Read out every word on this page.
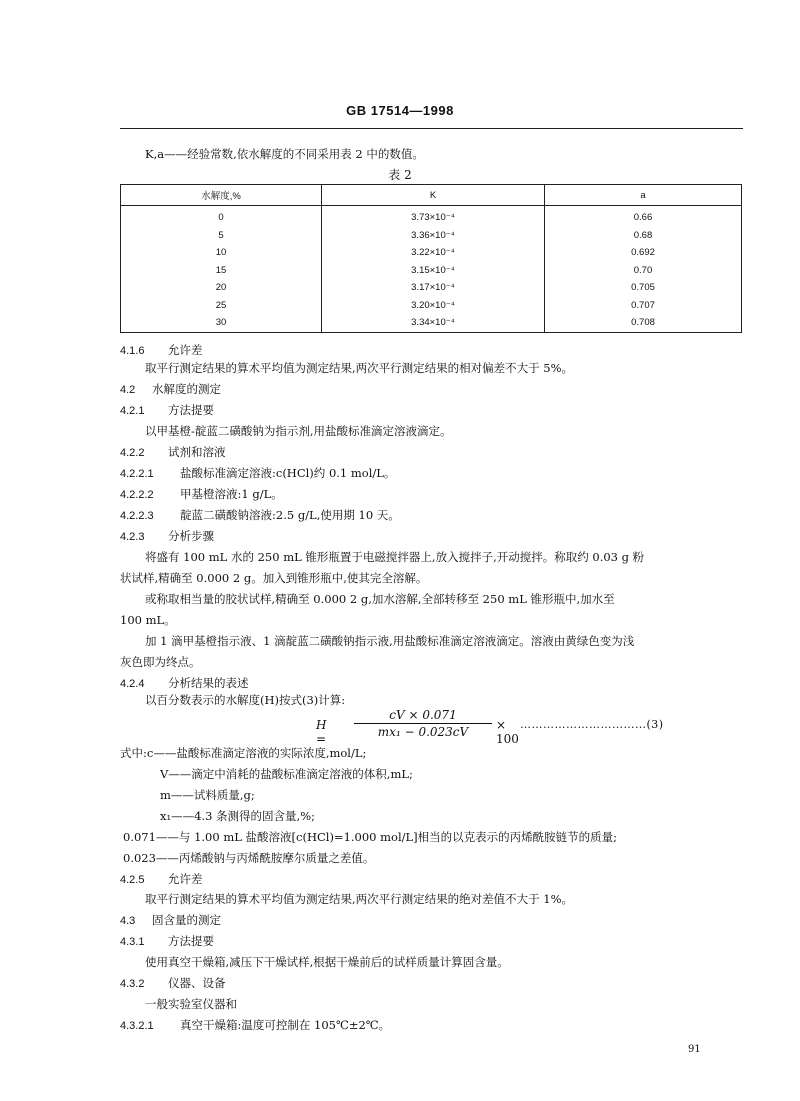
GB 17514—1998
K,a——经验常数,依水解度的不同采用表 2 中的数值。
表 2
水解度,%	K	a
0	3.73×10⁻⁴	0.66
5	3.36×10⁻⁴	0.68
10	3.22×10⁻⁴	0.692
15	3.15×10⁻⁴	0.70
20	3.17×10⁻⁴	0.705
25	3.20×10⁻⁴	0.707
30	3.34×10⁻⁴	0.708
4.1.6 允许差
取平行测定结果的算术平均值为测定结果,两次平行测定结果的相对偏差不大于 5%。
4.2 水解度的测定
4.2.1 方法提要
以甲基橙-靛蓝二磺酸钠为指示剂,用盐酸标准滴定溶液滴定。
4.2.2 试剂和溶液
4.2.2.1 盐酸标准滴定溶液:c(HCl)约 0.1 mol/L。
4.2.2.2 甲基橙溶液:1 g/L。
4.2.2.3 靛蓝二磺酸钠溶液:2.5 g/L,使用期 10 天。
4.2.3 分析步骤
将盛有 100 mL 水的 250 mL 锥形瓶置于电磁搅拌器上,放入搅拌子,开动搅拌。称取约 0.03 g 粉
状试样,精确至 0.000 2 g。加入到锥形瓶中,使其完全溶解。
或称取相当量的胶状试样,精确至 0.000 2 g,加水溶解,全部转移至 250 mL 锥形瓶中,加水至
100 mL。
加 1 滴甲基橙指示液、1 滴靛蓝二磺酸钠指示液,用盐酸标准滴定溶液滴定。溶液由黄绿色变为浅
灰色即为终点。
4.2.4 分析结果的表述
以百分数表示的水解度(H)按式(3)计算:
$H = \frac{cV \times 0.071}{\text{mx₁ − 0.023cV}} \times 100$
……………………………(3)
式中:c——盐酸标准滴定溶液的实际浓度,mol/L;
V——滴定中消耗的盐酸标准滴定溶液的体积,mL;
m——试料质量,g;
x₁——4.3 条测得的固含量,%;
0.071——与 1.00 mL 盐酸溶液[c(HCl)=1.000 mol/L]相当的以克表示的丙烯酰胺链节的质量;
0.023——丙烯酸钠与丙烯酰胺摩尔质量之差值。
4.2.5 允许差
取平行测定结果的算术平均值为测定结果,两次平行测定结果的绝对差值不大于 1%。
4.3 固含量的测定
4.3.1 方法提要
使用真空干燥箱,减压下干燥试样,根据干燥前后的试样质量计算固含量。
4.3.2 仪器、设备
一般实验室仪器和
4.3.2.1 真空干燥箱:温度可控制在 105℃±2℃。
91
